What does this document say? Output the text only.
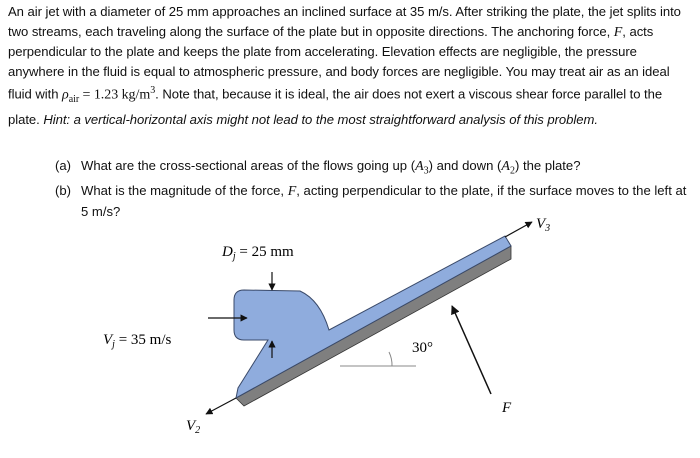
An air jet with a diameter of 25 mm approaches an inclined surface at 35 m/s. After striking the plate, the jet splits into two streams, each traveling along the surface of the plate but in opposite directions. The anchoring force, F, acts perpendicular to the plate and keeps the plate from accelerating. Elevation effects are negligible, the pressure anywhere in the fluid is equal to atmospheric pressure, and body forces are negligible. You may treat air as an ideal fluid with $\rho_{air} = 1.23$ $kg/m^3$. Note that, because it is ideal, the air does not exert a viscous shear force parallel to the plate. Hint: a vertical-horizontal axis might not lead to the most straightforward analysis of this problem.
(a) What are the cross-sectional areas of the flows going up $(A_3)$ and down $(A_2)$ the plate?
(b) What is the magnitude of the force, F, acting perpendicular to the plate, if the surface moves to the left at 5 m/s?
$D_j = 25$ mm
$V_j = 35$ m/s	30°
$V_3$
$V_2$
F
